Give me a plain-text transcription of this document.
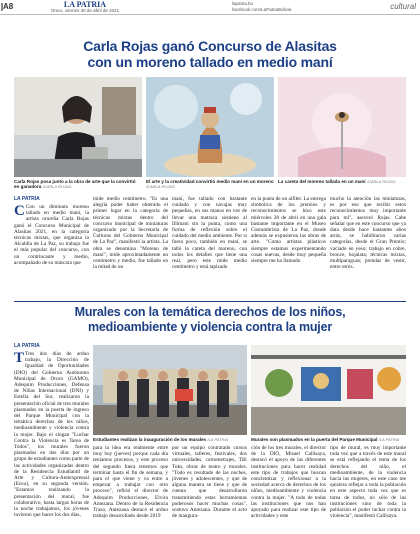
A8	LA PATRIA
Oruro, viernes 30 de abril de 2021
lapatria.bo
facebook.com/LaPatriaBolivia	cultural
Carla Rojas ganó Concurso de Alasitas
con un moreno tallado en medio maní
Carla Rojas posa junto a la obra de arte que la convirtió en ganadora /CARLA ROJAS
El arte y la creatividad convirtió medio maní en un moreno /CARLA ROJAS
La careta del moreno tallada en un maní /CARLA ROJAS
LA PATRIA

C Con un diminuto moreno tallado en medio maní, la artista orureña Carla Rojas ganó el Concurso Municipal de Alasitas 2021, en la categoría técnicas mixtas, que organiza la Alcaldía de La Paz, su trabajo fue el más popular del concurso, con un contrincante y medio, acompañado de su máscara que

mide medio centímetro. "Es una alegría poder haber obtenido el primer lugar en la categoría de técnicas mixtas dentro del concurso municipal de miniaturas organizado por la Secretaría de Culturas del Gobierno Municipal de La Paz", manifestó la artista. La obra se denomina "Moreno de maní", mide aproximadamente un centímetro y medio, fue tallado en la mitad de un

maní, fue tallado con bastante cuidado y con navajas muy pequeñas, en sus manos en vez de llevar una matraca sostiene al Illimani sin la punta, como una forma de reflexión sobre el cuidado del medio ambiente. Por si fuera poco, también en maní, se talló la careta del moreno, con todos los detalles que tiene una real, pero este mide medio centímetro y está tapizado

en la punta de un alfiler. La entrega simbólica de los premios y reconocimientos se hizo este miércoles 28 de abril en una gala bastante importante en el Museo Costumbrista de La Paz, donde además se expusieron las obras de arte. "Como artistas plásticos siempre estamos experimentando cosas nuevas, desde muy pequeña siempre me ha llamado

mucho la atención las miniaturas, es por eso que recibir estos reconocimientos muy importante para mí", aseveró Rojas. Cabe señalar que en este concurso que ya data desde hace bastantes años atrás, se habilitaron varias categorías, desde el Gran Premio; vaciado en yeso; trabajo en cobre, bronce, hojalata; técnicas mixtas, multiparaguas; prendas de vestir, entre otros.

Murales con la temática derechos de los niños,
medioambiente y violencia contra la mujer
LA PATRIA

T Tres dos días de arduo trabajo, la Dirección de Igualdad de Oportunidades (DIO) del Gobierno Autónomo Municipal de Oruro (GAMO), Adequim Producciones, Defensa de Niñas Internacional (DNI) y Estella del Sur, realizaron la presentación oficial de tres murales plasmados en la puerta de ingreso del Parque Municipal con la temática derechos de los niños, medioambiente y violencia contra la mujer. Bajo el slogan "Luchar Contra la Violencia es Tarea de Todos", los murales fueron plasmados en dos días por un grupo de estudiantes como parte de las actividades organizadas dentro de la Residencia Estudiantil de Arte y Cultura-Antiexpressal (Enca), en su segunda versión. "Estamos realizando la presentación del mural, fue colaborativo, hasta largas horas de la noche trabajamos, los jóvenes tuvieron que hacer los dos días,

Estudiantes realizan la inauguración de los murales /LA PATRIA	Murales son plasmados en la puerta del Parque Municipal /LA PATRIA

para la idea era realmente entre muy hoy (jueves) porque cada día teníamos procesos, y este proceso del segundo fuera tenemos que terminar hasta el fin de semana, y para el que viene y va entre a empezar a trabajar con otro proceso", refirió el director de Adequim Producciones, Elvira Antezana. Dentro de la Residencia Trazo, Antezana destacó el arduo trabajo desarrollado desde 2019

por un equipo contratado cursos virtuales, talleres, festivales, dos universidades, cortometrajes, TiK Toks, obras de teatro y murales. "Todo es resultado de las noches, jóvenes y adolescentes, y que de alguna manera se tiene y que de cuenta que desarrollaron transmitiendo estas herramientas poderosos hacer muchas cosas", sostuvo Antezana. Durante el acto de inaugura-

ción de los tres murales, el director de la DIO, Misael Callisaya, destacó el apoyo de las diferentes instituciones para hacer realidad este tipo de trabajos que buscan concientizar y reflexionar a la sociedad acerca de derechos de los niños, medioambiente y violencia contra la mujer. "A todo de todas las instituciones que nos han apoyado para realizar este tipo de actividades y este

tipo de mural, es muy importante toda vez que a través de este mural se está reflejando el tema de los derechos del niño, el medioambiente, de la violencia hacia las mujeres, en este caso me quisiera reflejar a toda la población en este aspecto toda vez que es tarea de todos, no sólo de las instituciones sino de toda la población el poder luchar contra la violencia", manifestó Callisaya.
